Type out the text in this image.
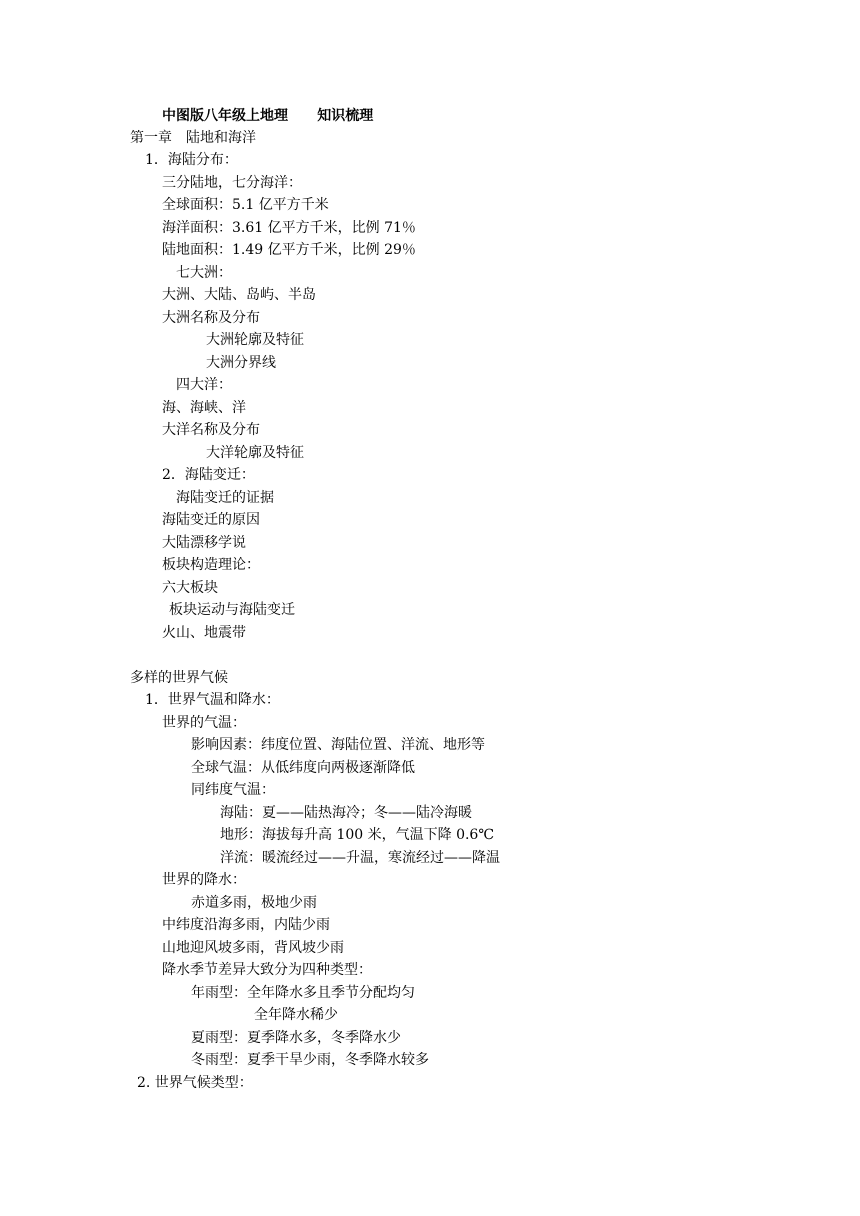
中图版八年级上地理      知识梳理
第一章　陆地和海洋
1．海陆分布：
三分陆地，七分海洋：
全球面积：5.1 亿平方千米
海洋面积：3.61 亿平方千米，比例 71％
陆地面积：1.49 亿平方千米，比例 29％
七大洲：
大洲、大陆、岛屿、半岛
大洲名称及分布
大洲轮廓及特征
大洲分界线
四大洋：
海、海峡、洋
大洋名称及分布
大洋轮廓及特征
2．海陆变迁：
海陆变迁的证据
海陆变迁的原因
大陆漂移学说
板块构造理论：
六大板块
板块运动与海陆变迁
火山、地震带
多样的世界气候
1．世界气温和降水：
世界的气温：
影响因素：纬度位置、海陆位置、洋流、地形等
全球气温：从低纬度向两极逐渐降低
同纬度气温：
海陆：夏——陆热海冷；冬——陆冷海暖
地形：海拔每升高 100 米，气温下降 0.6℃
洋流：暖流经过——升温，寒流经过——降温
世界的降水：
赤道多雨，极地少雨
中纬度沿海多雨，内陆少雨
山地迎风坡多雨，背风坡少雨
降水季节差异大致分为四种类型：
年雨型：全年降水多且季节分配均匀
全年降水稀少
夏雨型：夏季降水多，冬季降水少
冬雨型：夏季干旱少雨，冬季降水较多
2. 世界气候类型：
